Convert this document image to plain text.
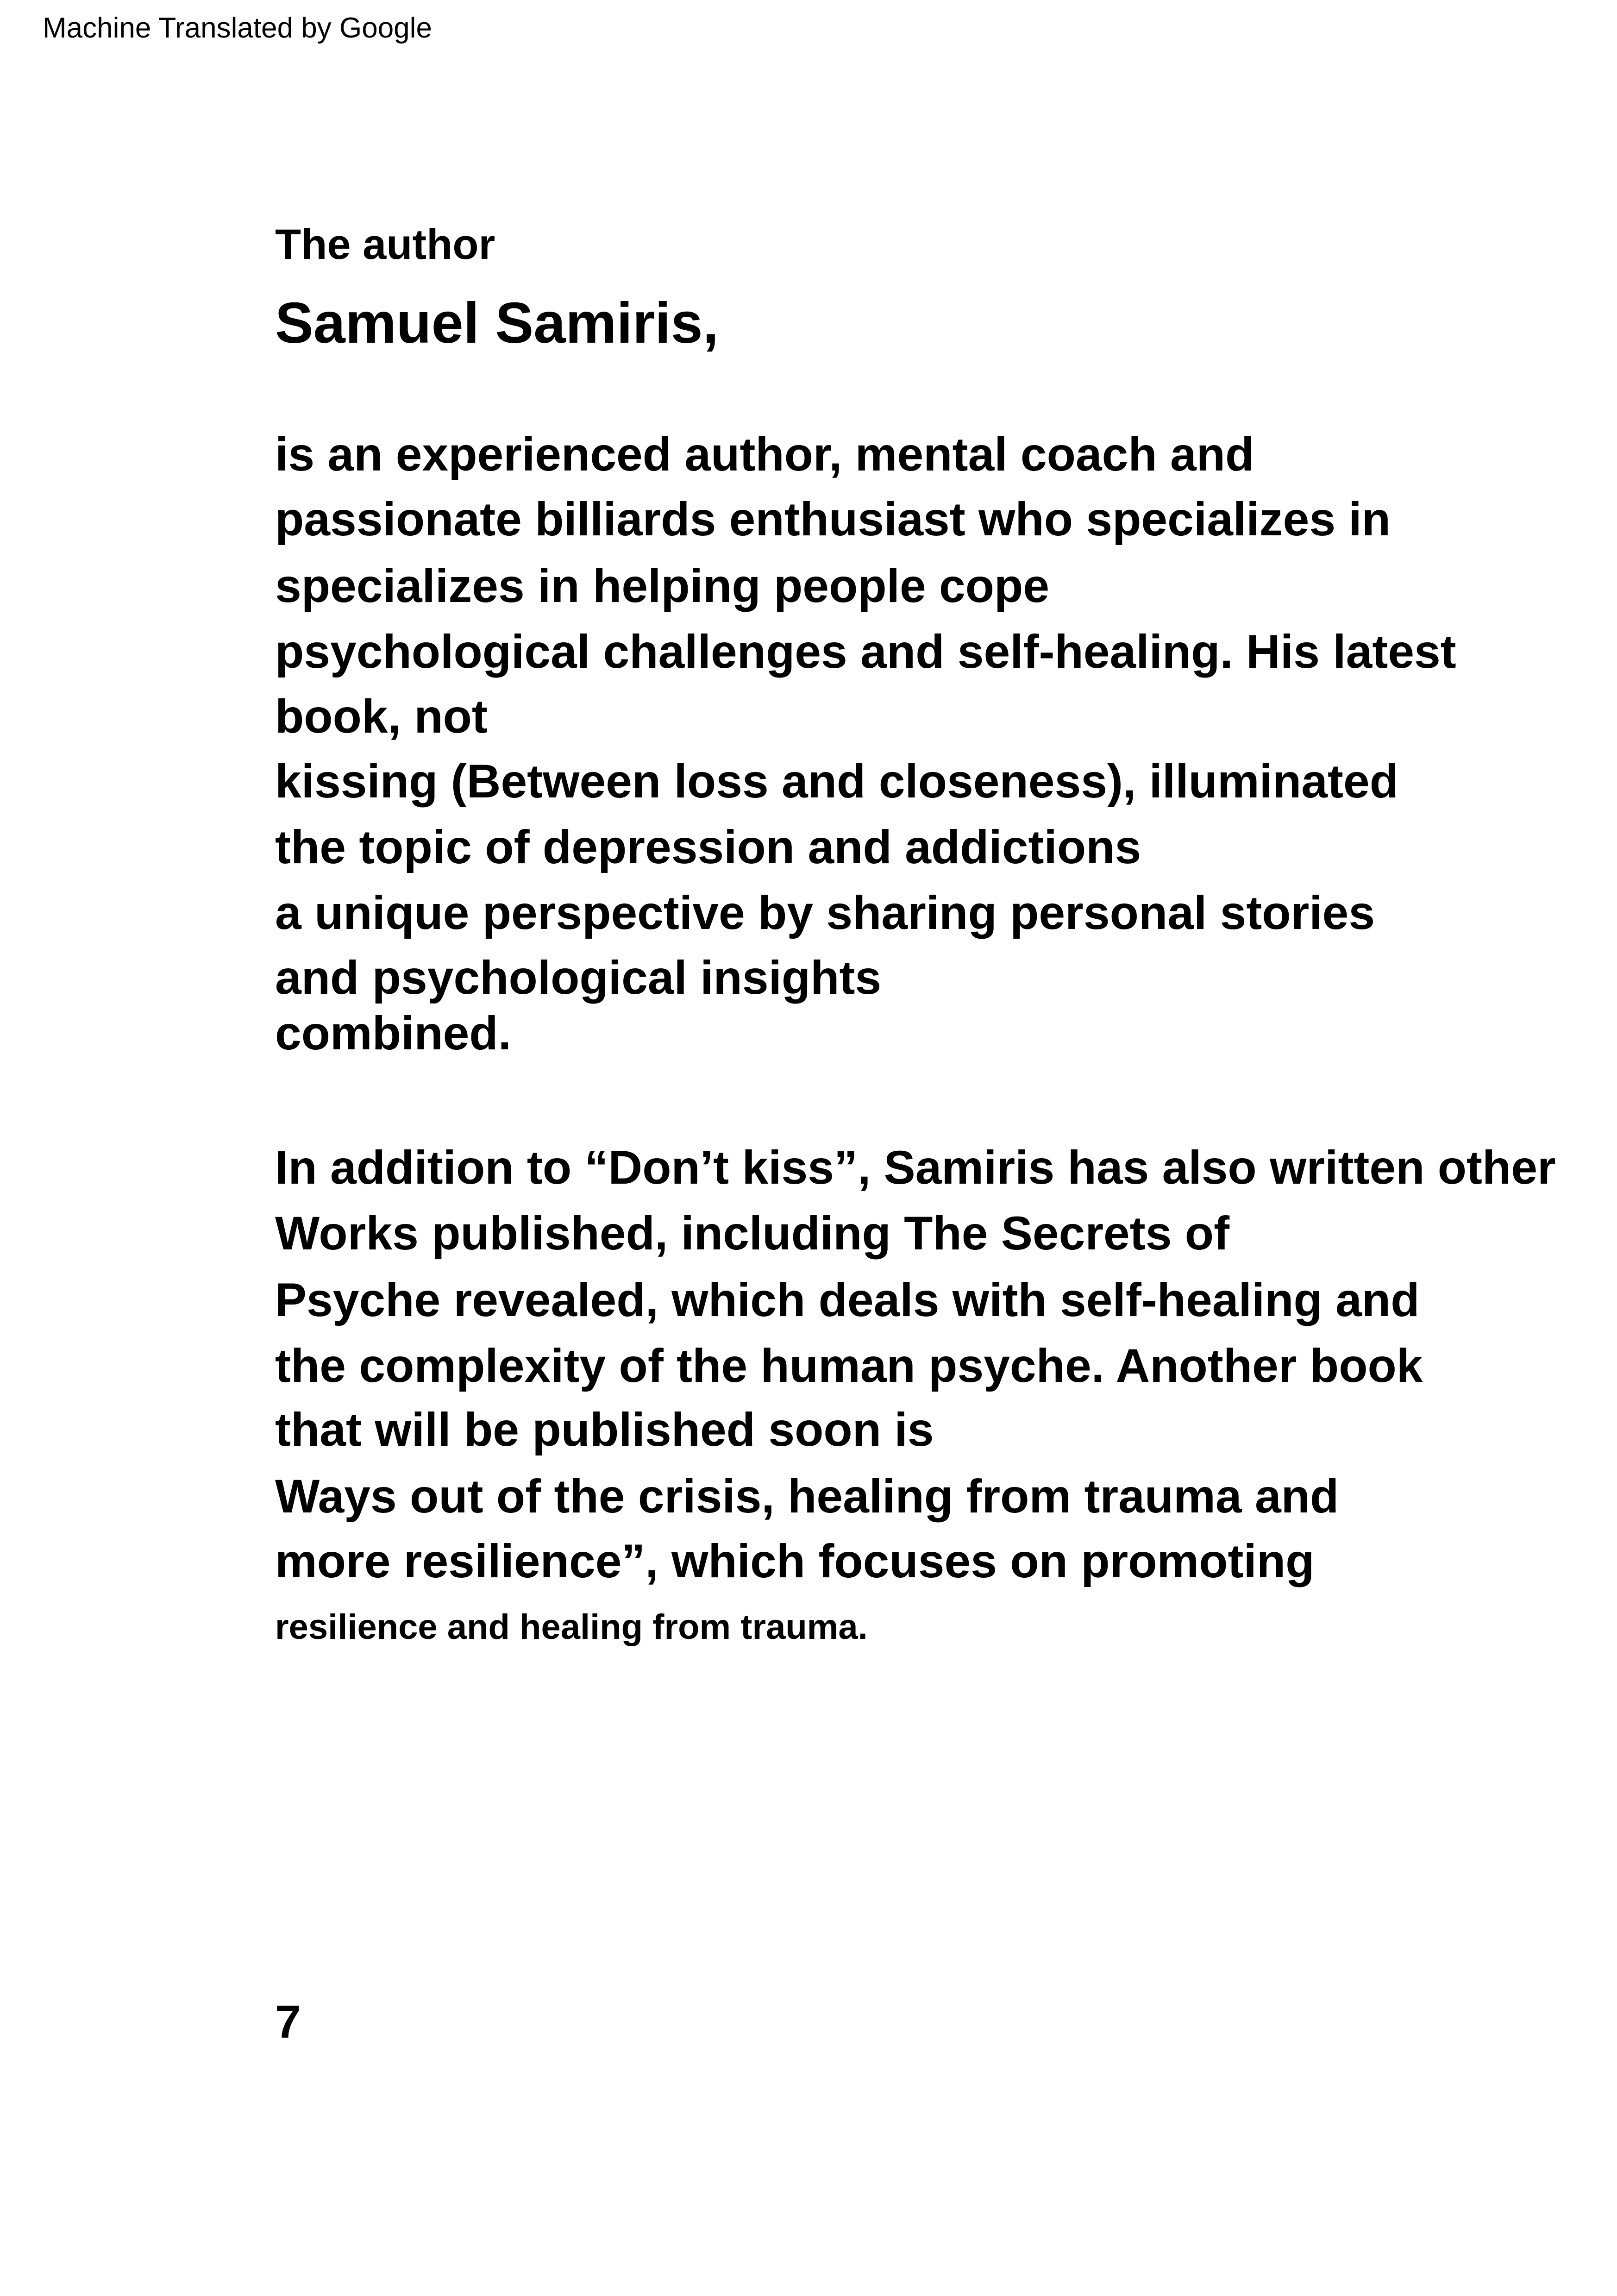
Machine Translated by Google
The author
Samuel Samiris,
is an experienced author, mental coach and
passionate billiards enthusiast who specializes in
specializes in helping people cope
psychological challenges and self-healing. His latest
book, not
kissing (Between loss and closeness), illuminated
the topic of depression and addictions
a unique perspective by sharing personal stories
and psychological insights
combined.
In addition to “Don’t kiss”, Samiris has also written other
Works published, including The Secrets of
Psyche revealed, which deals with self-healing and
the complexity of the human psyche. Another book
that will be published soon is
Ways out of the crisis, healing from trauma and
more resilience”, which focuses on promoting
resilience and healing from trauma.
7
